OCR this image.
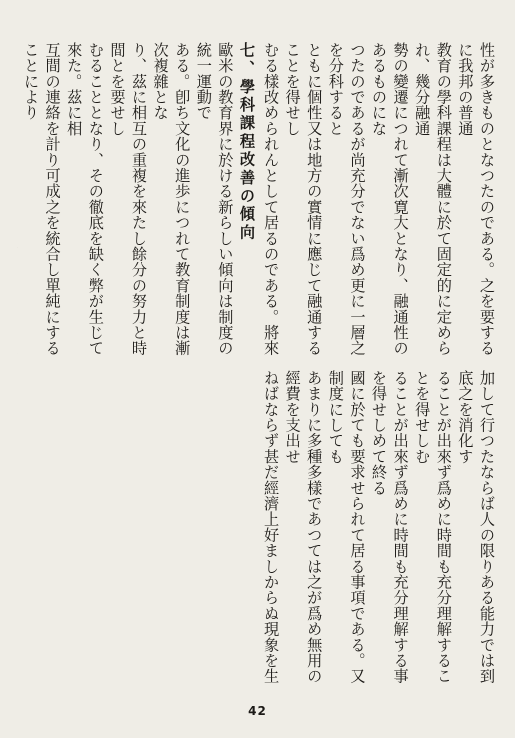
性が多きものとなつたのである。之を要するに我邦の普通
教育の學科課程は大體に於て固定的に定められ、幾分融通
勢の變遷につれて漸次寛大となり、融通性のあるものにな
つたのであるが尚充分でない爲め更に一層之を分科すると
ともに個性又は地方の實情に應じて融通することを得せし
むる樣改められんとして居るのである。將來

加して行つたならば人の限りある能力では到底之を消化す
ることが出來ず爲めに時間も充分理解することを得せしむ
ることが出來ず爲めに時間も充分理解する事を得せしめて終る
國に於ても要求せられて居る事項である。又制度にしても
あまりに多種多樣であつては之が爲め無用の經費を支出せ
ねばならず甚だ經濟上好ましからぬ現象を生

七、學科課程改善の傾向
歐米の教育界に於ける新らしい傾向は制度の統一運動で
ある。卽ち文化の進歩につれて教育制度は漸次複雜とな
り、茲に相互の重複を來たし餘分の努力と時間とを要せし
むることとなり、その徹底を缺く弊が生じて來た。茲に相
互間の連絡を計り可成之を統合し單純にすることにより

42
